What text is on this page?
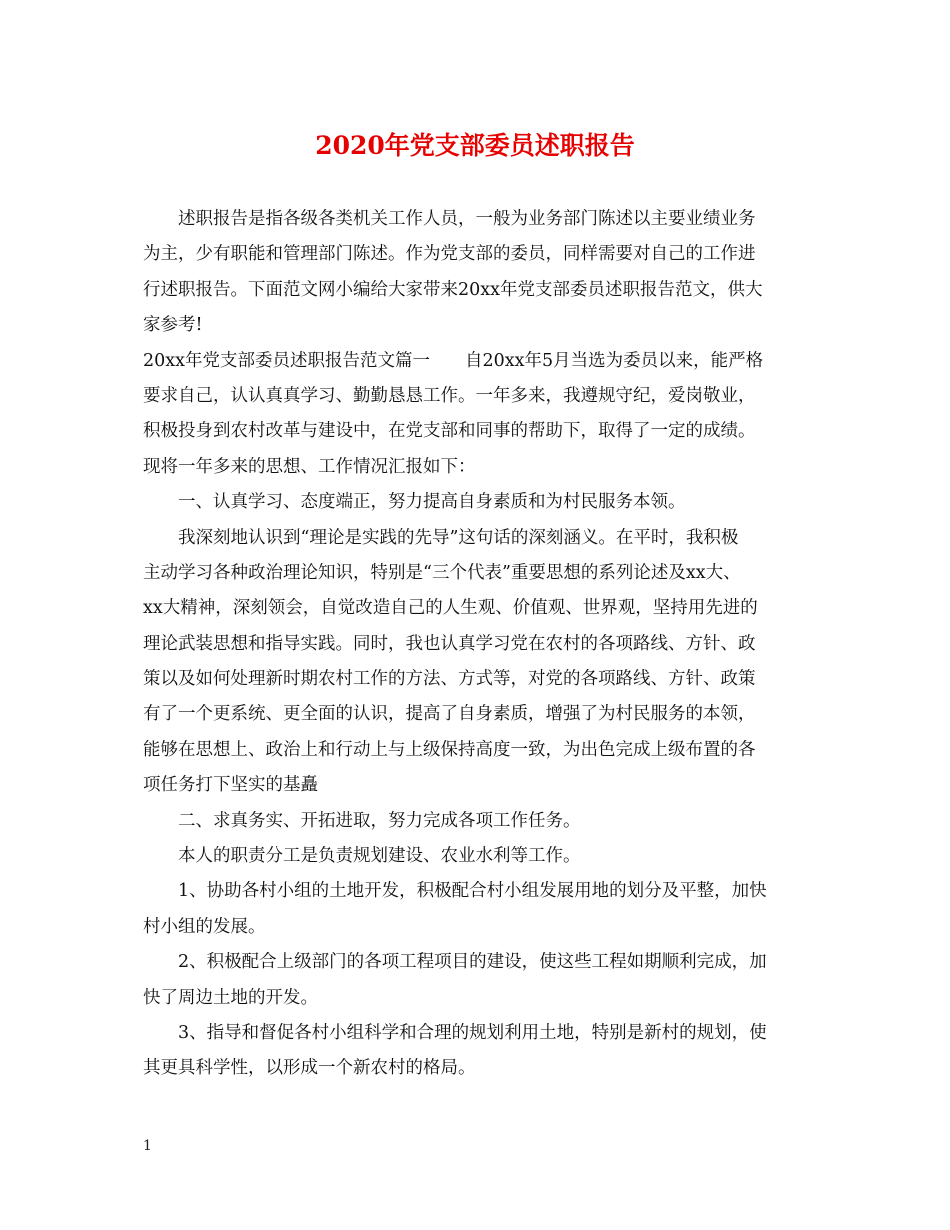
2020年党支部委员述职报告
述职报告是指各级各类机关工作人员，一般为业务部门陈述以主要业绩业务
为主，少有职能和管理部门陈述。作为党支部的委员，同样需要对自己的工作进
行述职报告。下面范文网小编给大家带来20xx年党支部委员述职报告范文，供大
家参考!
20xx年党支部委员述职报告范文篇一　　自20xx年5月当选为委员以来，能严格
要求自己，认认真真学习、勤勤恳恳工作。一年多来，我遵规守纪，爱岗敬业，
积极投身到农村改革与建设中，在党支部和同事的帮助下，取得了一定的成绩。
现将一年多来的思想、工作情况汇报如下：
一、认真学习、态度端正，努力提高自身素质和为村民服务本领。
我深刻地认识到“理论是实践的先导”这句话的深刻涵义。在平时，我积极
主动学习各种政治理论知识，特别是“三个代表”重要思想的系列论述及xx大、
xx大精神，深刻领会，自觉改造自己的人生观、价值观、世界观，坚持用先进的
理论武装思想和指导实践。同时，我也认真学习党在农村的各项路线、方针、政
策以及如何处理新时期农村工作的方法、方式等，对党的各项路线、方针、政策
有了一个更系统、更全面的认识，提高了自身素质，增强了为村民服务的本领，
能够在思想上、政治上和行动上与上级保持高度一致，为出色完成上级布置的各
项任务打下坚实的基矗
二、求真务实、开拓进取，努力完成各项工作任务。
本人的职责分工是负责规划建设、农业水利等工作。
1、协助各村小组的土地开发，积极配合村小组发展用地的划分及平整，加快
村小组的发展。
2、积极配合上级部门的各项工程项目的建设，使这些工程如期顺利完成，加
快了周边土地的开发。
3、指导和督促各村小组科学和合理的规划利用土地，特别是新村的规划，使
其更具科学性，以形成一个新农村的格局。
1
